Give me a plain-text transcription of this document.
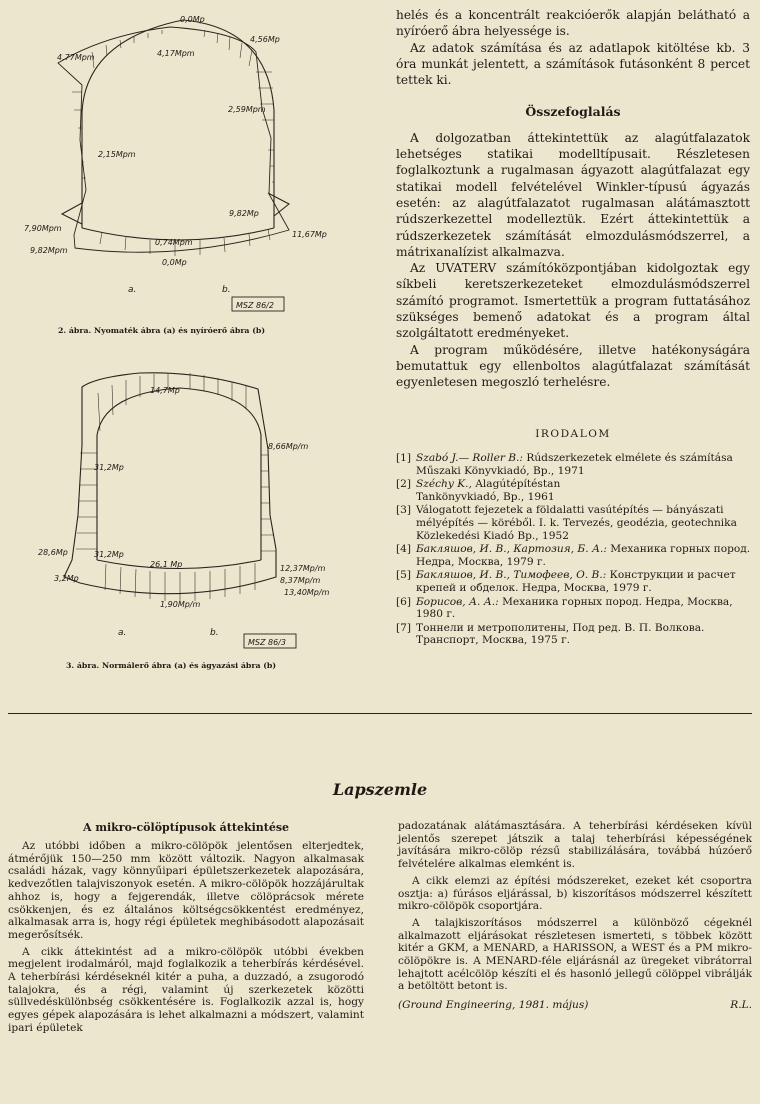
0,0Mp
4,56Mp
4,77Mpm	4,17Mpm
2,15Mpm
2,59Mpm
7,90Mpm
9,82Mpm
9,82Mp
11,67Mp
0,74Mpm
0,0Mp
a.	b.
MSZ 86/2
2. ábra. Nyomaték ábra (a) és nyíróerő ábra (b)
14,7Mp
8,66Mp/m
31,2Mp
28,6Mp	31,2Mp
3,2Mp
26,1 Mp	12,37Mp/m
8,37Mp/m
13,40Mp/m
1,90Mp/m
a.	b.
MSZ 86/3
3. ábra. Normálerő ábra (a) és ágyazási ábra (b)

helés és a koncentrált reakcióerők alapján belátható a nyíróerő ábra helyessége is.

Az adatok számítása és az adatlapok kitöltése kb. 3 óra munkát jelentett, a számítások futásonként 8 percet tettek ki.

Összefoglalás

A dolgozatban áttekintettük az alagútfalazatok lehetséges statikai modelltípusait. Részletesen foglalkoztunk a rugalmasan ágyazott alagútfalazat egy statikai modell felvételével Winkler-típusú ágyazás esetén: az alagútfalazatot rugalmasan alátámasztott rúdszerkezettel modelleztük. Ezért áttekintettük a rúdszerkezetek számítását elmozdulásmódszerrel, a mátrixanalízist alkalmazva.

Az UVATERV számítóközpontjában kidolgoztak egy síkbeli keretszerkezeteket elmozdulásmódszerrel számító programot. Ismertettük a program futtatásához szükséges bemenő adatokat és a program által szolgáltatott eredményeket.

A program működésére, illetve hatékonyságára bemutattuk egy ellenboltos alagútfalazat számítását egyenletesen megoszló terhelésre.

IRODALOM
[1] Szabó J.— Roller B.: Rúdszerkezetek elmélete és számítása
Műszaki Könyvkiadó, Bp., 1971
[2] Széchy K., Alagútépítéstan
Tankönyvkiadó, Bp., 1961
[3] Válogatott fejezetek a földalatti vasútépítés — bányászati mélyépítés — köréből. I. k. Tervezés, geodézia, geotechnika
Közlekedési Kiadó Bp., 1952
[4] Бакляшов, И. В., Картозия, Б. А.: Механика горных пород. Недра, Москва, 1979 г.
[5] Бакляшов, И. В., Тимофеев, О. В.: Конструкции и расчет крепей и обделок. Недра, Москва, 1979 г.
[6] Борисов, А. А.: Механика горных пород. Недра, Москва, 1980 г.
[7] Тоннели и метрополитены, Под ред. В. П. Волкова. Транспорт, Москва, 1975 г.
Lapszemle
A mikro-cölöptípusok áttekintése

Az utóbbi időben a mikro-cölöpök jelentősen elterjedtek, átmérőjük 150—250 mm között változik. Nagyon alkalmasak családi házak, vagy könnyűipari épületszerkezetek alapozására, kedvezőtlen talajviszonyok esetén. A mikro-cölöpök hozzájárultak ahhoz is, hogy a fejgerendák, illetve cölöprácsok mérete csökkenjen, és ez általános költségcsökkentést eredményez, alkalmasak arra is, hogy régi épületek meghibásodott alapozásait megerősítsék.

A cikk áttekintést ad a mikro-cölöpök utóbbi években megjelent irodalmáról, majd foglalkozik a teherbírás kérdésével. A teherbírási kérdéseknél kitér a puha, a duzzadó, a zsugorodó talajokra, és a régi, valamint új szerkezetek közötti süllvedéskülönbség csökkentésére is. Foglalkozik azzal is, hogy egyes gépek alapozására is lehet alkalmazni a módszert, valamint ipari épületek

padozatának alátámasztására. A teherbírási kérdéseken kívül jelentős szerepet játszik a talaj teherbírási képességének javítására mikro-cölöp rézsű stabilizálására, továbbá húzóerő felvételére alkalmas elemként is.

A cikk elemzi az építési módszereket, ezeket két csoportra osztja: a) fúrásos eljárással, b) kiszorításos módszerrel készített mikro-cölöpök csoportjára.

A talajkiszorításos módszerrel a különböző cégeknél alkalmazott eljárásokat részletesen ismerteti, s többek között kitér a GKM, a MENARD, a HARISSON, a WEST és a PM mikro-cölöpökre is. A MENARD-féle eljárásnál az üregeket vibrátorral lehajtott acélcölöp készíti el és hasonló jellegű cölöppel vibrálják a betöltött betont is.

(Ground Engineering, 1981. május)	R.L.
